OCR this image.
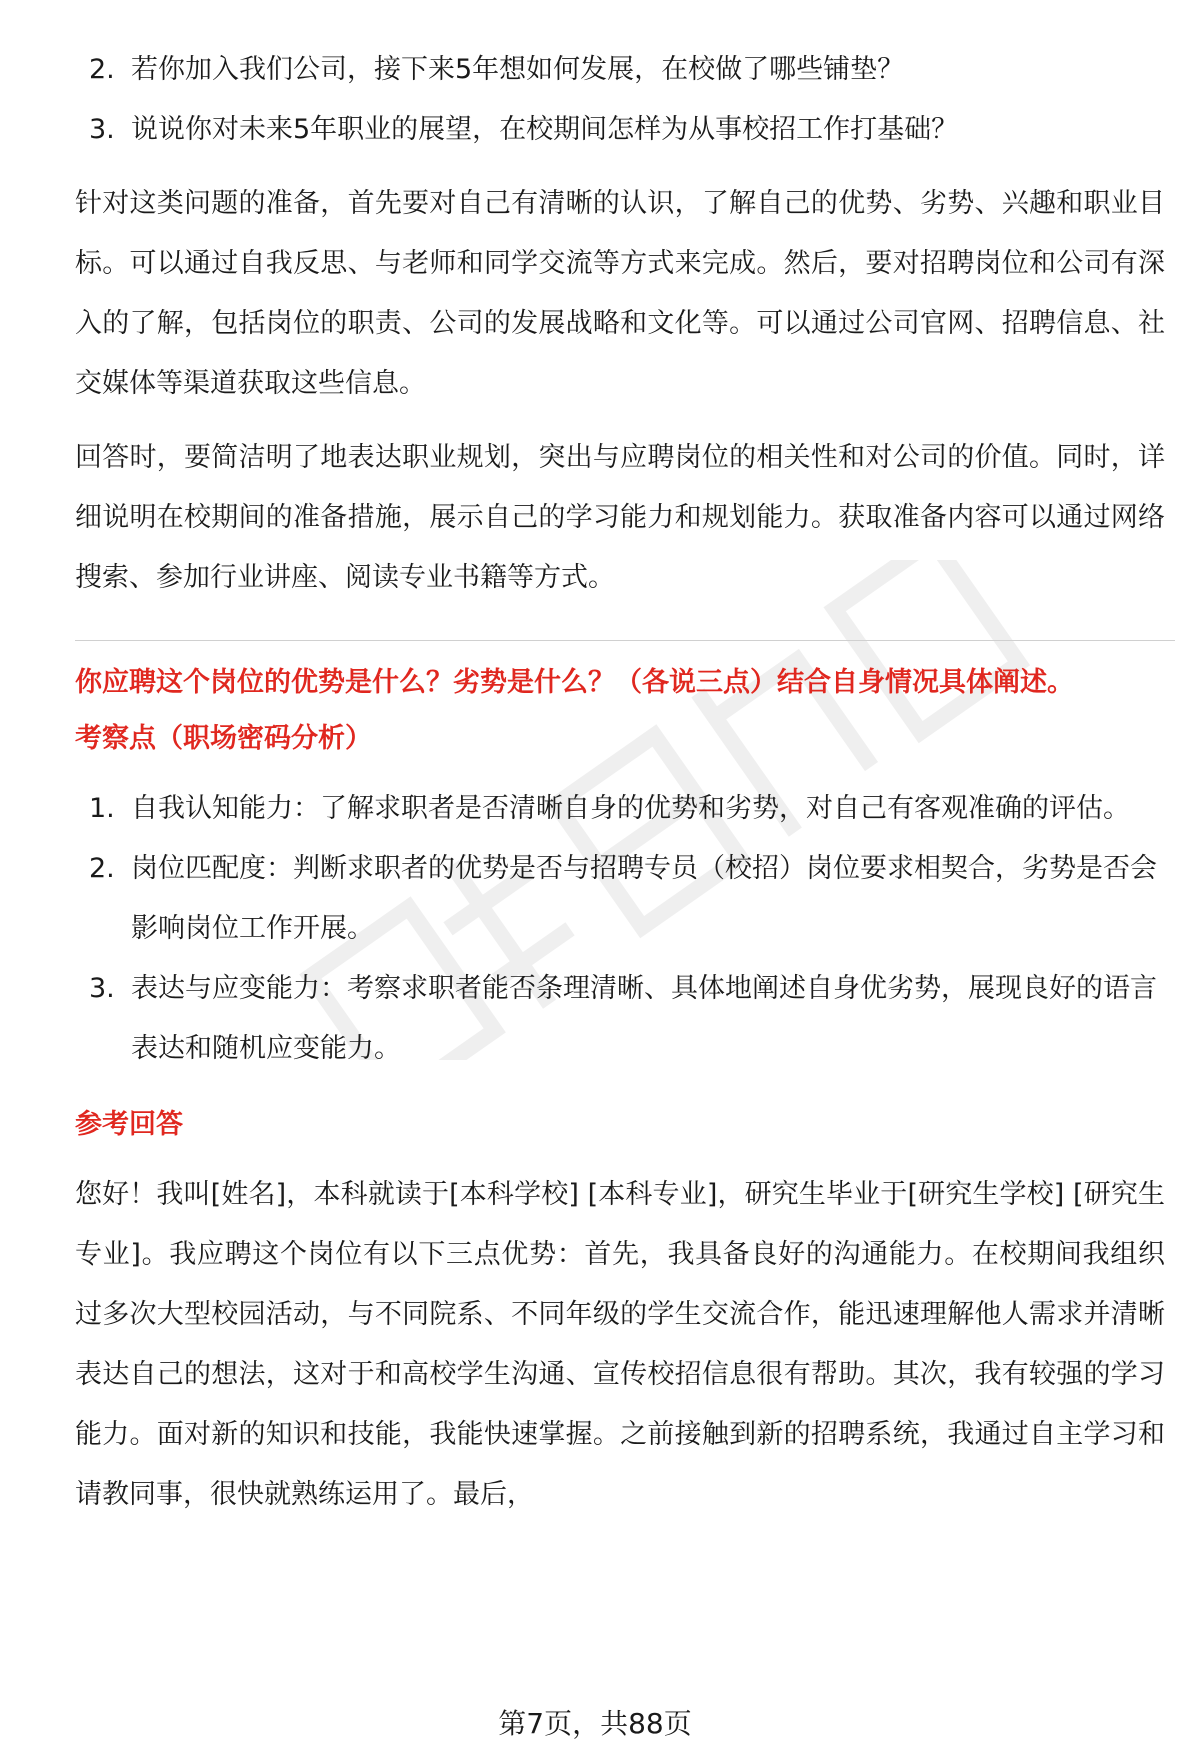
2. 若你加入我们公司，接下来5年想如何发展，在校做了哪些铺垫？
3. 说说你对未来5年职业的展望，在校期间怎样为从事校招工作打基础？

针对这类问题的准备，首先要对自己有清晰的认识，了解自己的优势、劣势、兴趣和职业目标。可以通过自我反思、与老师和同学交流等方式来完成。然后，要对招聘岗位和公司有深入的了解，包括岗位的职责、公司的发展战略和文化等。可以通过公司官网、招聘信息、社交媒体等渠道获取这些信息。

回答时，要简洁明了地表达职业规划，突出与应聘岗位的相关性和对公司的价值。同时，详细说明在校期间的准备措施，展示自己的学习能力和规划能力。获取准备内容可以通过网络搜索、参加行业讲座、阅读专业书籍等方式。

你应聘这个岗位的优势是什么？劣势是什么？（各说三点）结合自身情况具体阐述。

考察点（职场密码分析）

1. 自我认知能力：了解求职者是否清晰自身的优势和劣势，对自己有客观准确的评估。
2. 岗位匹配度：判断求职者的优势是否与招聘专员（校招）岗位要求相契合，劣势是否会影响岗位工作开展。
3. 表达与应变能力：考察求职者能否条理清晰、具体地阐述自身优劣势，展现良好的语言表达和随机应变能力。

参考回答

您好！我叫[姓名]，本科就读于[本科学校] [本科专业]，研究生毕业于[研究生学校] [研究生专业]。我应聘这个岗位有以下三点优势：首先，我具备良好的沟通能力。在校期间我组织过多次大型校园活动，与不同院系、不同年级的学生交流合作，能迅速理解他人需求并清晰表达自己的想法，这对于和高校学生沟通、宣传校招信息很有帮助。其次，我有较强的学习能力。面对新的知识和技能，我能快速掌握。之前接触到新的招聘系统，我通过自主学习和请教同事，很快就熟练运用了。最后，

第7页，共88页
